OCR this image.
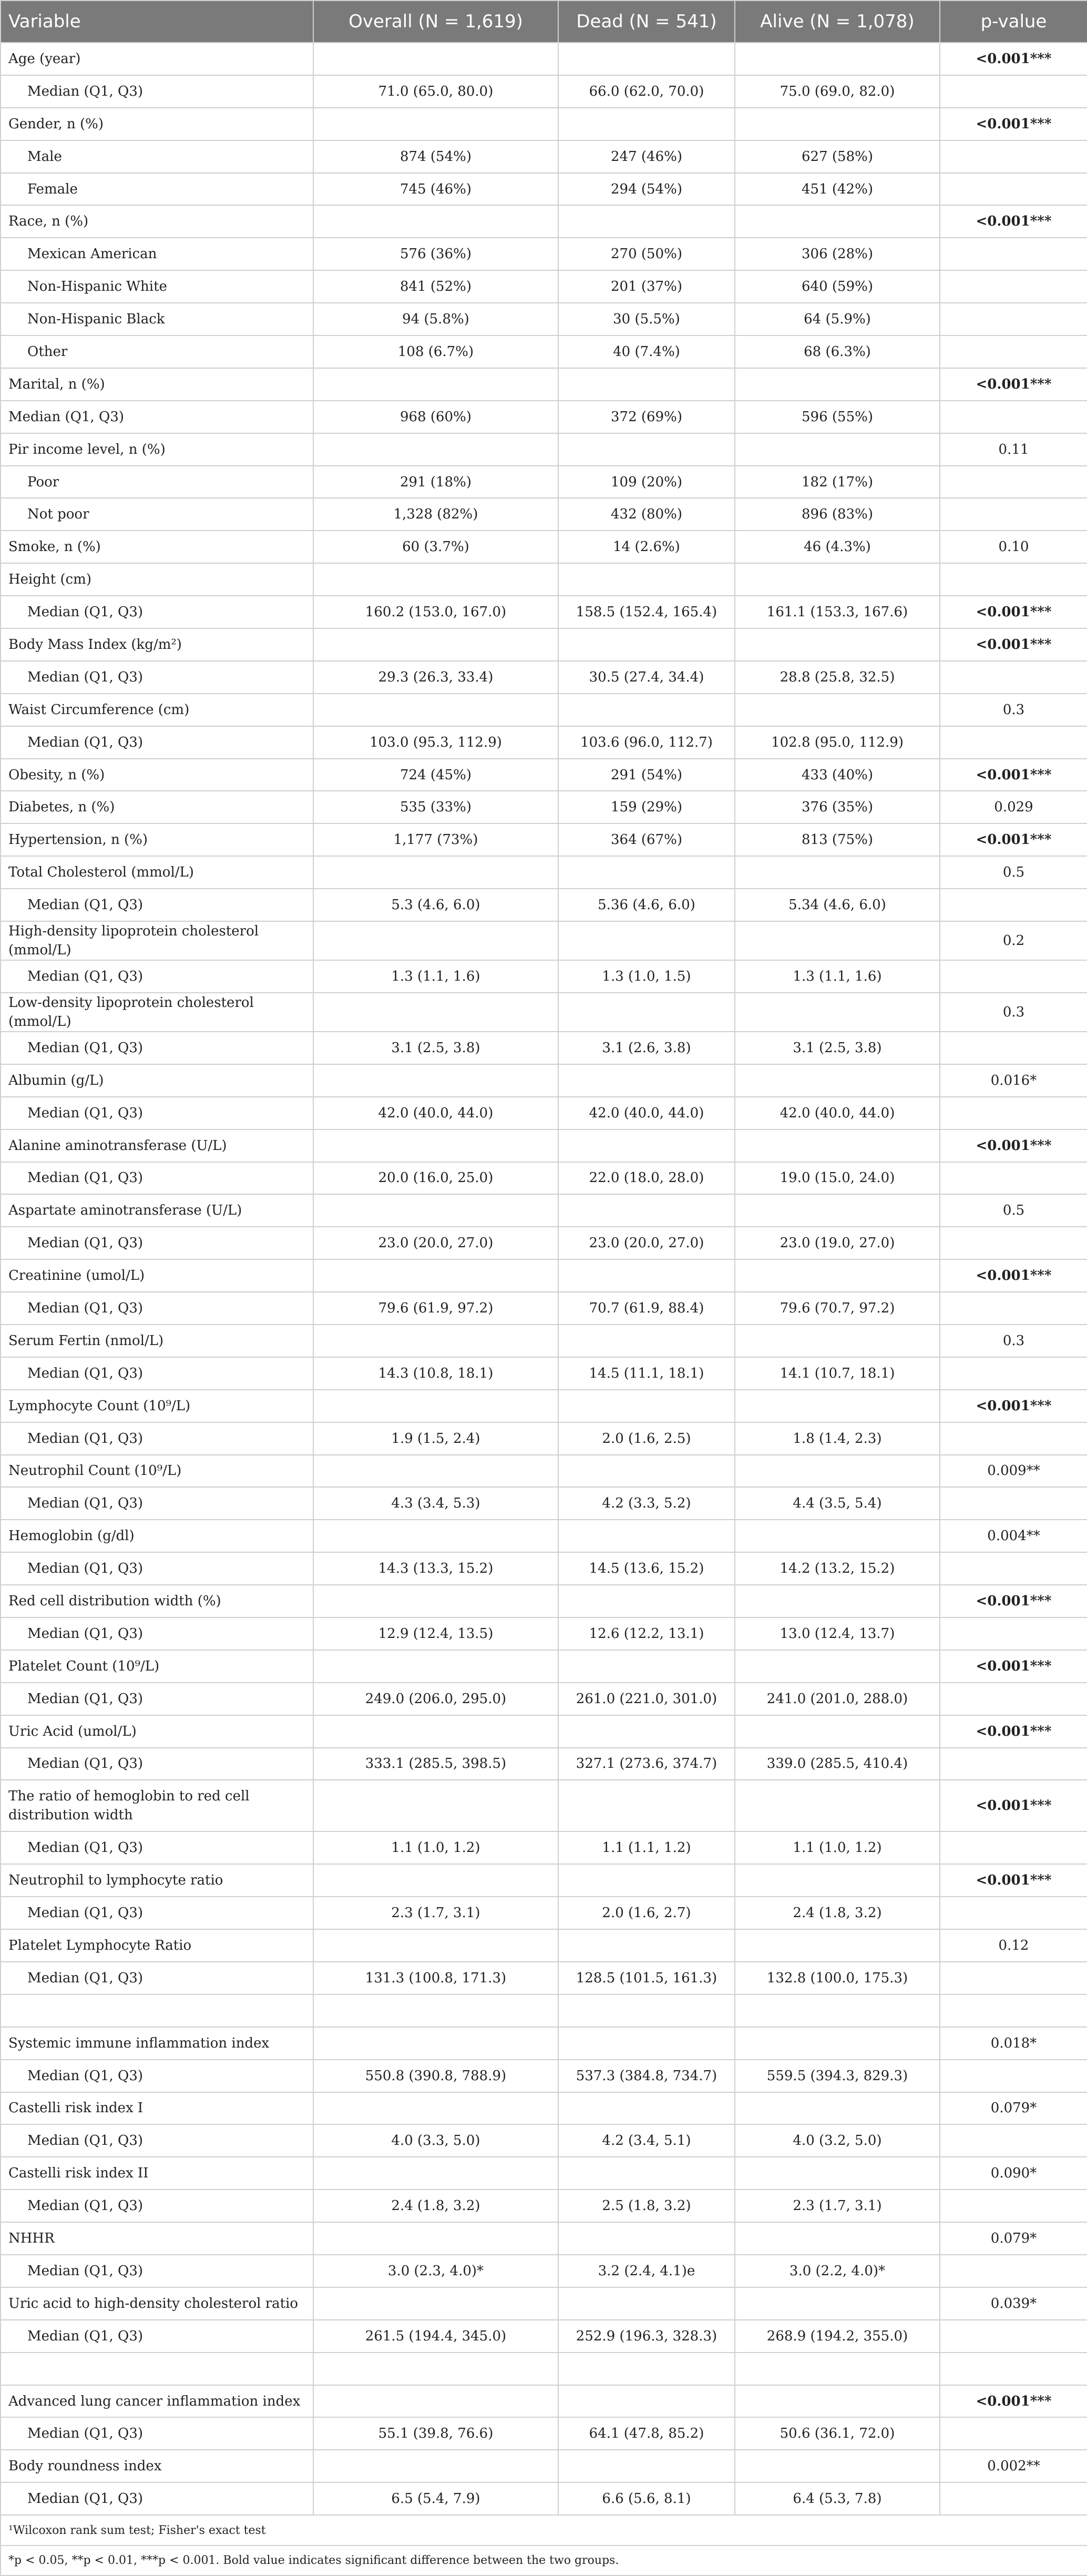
Variable	Overall (N = 1,619)	Dead (N = 541)	Alive (N = 1,078)	p-value
Age (year)				<0.001***
Median (Q1, Q3)	71.0 (65.0, 80.0)	66.0 (62.0, 70.0)	75.0 (69.0, 82.0)	
Gender, n (%)				<0.001***
Male	874 (54%)	247 (46%)	627 (58%)	
Female	745 (46%)	294 (54%)	451 (42%)	
Race, n (%)				<0.001***
Mexican American	576 (36%)	270 (50%)	306 (28%)	
Non-Hispanic White	841 (52%)	201 (37%)	640 (59%)	
Non-Hispanic Black	94 (5.8%)	30 (5.5%)	64 (5.9%)	
Other	108 (6.7%)	40 (7.4%)	68 (6.3%)	
Marital, n (%)				<0.001***
Median (Q1, Q3)	968 (60%)	372 (69%)	596 (55%)	
Pir income level, n (%)				0.11
Poor	291 (18%)	109 (20%)	182 (17%)	
Not poor	1,328 (82%)	432 (80%)	896 (83%)	
Smoke, n (%)	60 (3.7%)	14 (2.6%)	46 (4.3%)	0.10
Height (cm)				
Median (Q1, Q3)	160.2 (153.0, 167.0)	158.5 (152.4, 165.4)	161.1 (153.3, 167.6)	<0.001***
Body Mass Index (kg/m²)				<0.001***
Median (Q1, Q3)	29.3 (26.3, 33.4)	30.5 (27.4, 34.4)	28.8 (25.8, 32.5)	
Waist Circumference (cm)				0.3
Median (Q1, Q3)	103.0 (95.3, 112.9)	103.6 (96.0, 112.7)	102.8 (95.0, 112.9)	
Obesity, n (%)	724 (45%)	291 (54%)	433 (40%)	<0.001***
Diabetes, n (%)	535 (33%)	159 (29%)	376 (35%)	0.029
Hypertension, n (%)	1,177 (73%)	364 (67%)	813 (75%)	<0.001***
Total Cholesterol (mmol/L)				0.5
Median (Q1, Q3)	5.3 (4.6, 6.0)	5.36 (4.6, 6.0)	5.34 (4.6, 6.0)	
High-density lipoprotein cholesterol (mmol/L)				0.2
Median (Q1, Q3)	1.3 (1.1, 1.6)	1.3 (1.0, 1.5)	1.3 (1.1, 1.6)	
Low-density lipoprotein cholesterol (mmol/L)				0.3
Median (Q1, Q3)	3.1 (2.5, 3.8)	3.1 (2.6, 3.8)	3.1 (2.5, 3.8)	
Albumin (g/L)				0.016*
Median (Q1, Q3)	42.0 (40.0, 44.0)	42.0 (40.0, 44.0)	42.0 (40.0, 44.0)	
Alanine aminotransferase (U/L)				<0.001***
Median (Q1, Q3)	20.0 (16.0, 25.0)	22.0 (18.0, 28.0)	19.0 (15.0, 24.0)	
Aspartate aminotransferase (U/L)				0.5
Median (Q1, Q3)	23.0 (20.0, 27.0)	23.0 (20.0, 27.0)	23.0 (19.0, 27.0)	
Creatinine (umol/L)				<0.001***
Median (Q1, Q3)	79.6 (61.9, 97.2)	70.7 (61.9, 88.4)	79.6 (70.7, 97.2)	
Serum Fertin (nmol/L)				0.3
Median (Q1, Q3)	14.3 (10.8, 18.1)	14.5 (11.1, 18.1)	14.1 (10.7, 18.1)	
Lymphocyte Count (10⁹/L)				<0.001***
Median (Q1, Q3)	1.9 (1.5, 2.4)	2.0 (1.6, 2.5)	1.8 (1.4, 2.3)	
Neutrophil Count (10⁹/L)				0.009**
Median (Q1, Q3)	4.3 (3.4, 5.3)	4.2 (3.3, 5.2)	4.4 (3.5, 5.4)	
Hemoglobin (g/dl)				0.004**
Median (Q1, Q3)	14.3 (13.3, 15.2)	14.5 (13.6, 15.2)	14.2 (13.2, 15.2)	
Red cell distribution width (%)				<0.001***
Median (Q1, Q3)	12.9 (12.4, 13.5)	12.6 (12.2, 13.1)	13.0 (12.4, 13.7)	
Platelet Count (10⁹/L)				<0.001***
Median (Q1, Q3)	249.0 (206.0, 295.0)	261.0 (221.0, 301.0)	241.0 (201.0, 288.0)	
Uric Acid (umol/L)				<0.001***
Median (Q1, Q3)	333.1 (285.5, 398.5)	327.1 (273.6, 374.7)	339.0 (285.5, 410.4)	
The ratio of hemoglobin to red cell distribution width				<0.001***
Median (Q1, Q3)	1.1 (1.0, 1.2)	1.1 (1.1, 1.2)	1.1 (1.0, 1.2)	
Neutrophil to lymphocyte ratio				<0.001***
Median (Q1, Q3)	2.3 (1.7, 3.1)	2.0 (1.6, 2.7)	2.4 (1.8, 3.2)	
Platelet Lymphocyte Ratio				0.12
Median (Q1, Q3)	131.3 (100.8, 171.3)	128.5 (101.5, 161.3)	132.8 (100.0, 175.3)	

Systemic immune inflammation index				0.018*
Median (Q1, Q3)	550.8 (390.8, 788.9)	537.3 (384.8, 734.7)	559.5 (394.3, 829.3)	
Castelli risk index I				0.079*
Median (Q1, Q3)	4.0 (3.3, 5.0)	4.2 (3.4, 5.1)	4.0 (3.2, 5.0)	
Castelli risk index II				0.090*
Median (Q1, Q3)	2.4 (1.8, 3.2)	2.5 (1.8, 3.2)	2.3 (1.7, 3.1)	
NHHR				0.079*
Median (Q1, Q3)	3.0 (2.3, 4.0)*	3.2 (2.4, 4.1)e	3.0 (2.2, 4.0)*	
Uric acid to high-density cholesterol ratio				0.039*
Median (Q1, Q3)	261.5 (194.4, 345.0)	252.9 (196.3, 328.3)	268.9 (194.2, 355.0)	

Advanced lung cancer inflammation index				<0.001***
Median (Q1, Q3)	55.1 (39.8, 76.6)	64.1 (47.8, 85.2)	50.6 (36.1, 72.0)	
Body roundness index				0.002**
Median (Q1, Q3)	6.5 (5.4, 7.9)	6.6 (5.6, 8.1)	6.4 (5.3, 7.8)	
¹Wilcoxon rank sum test; Fisher's exact test				
*p < 0.05, **p < 0.01, ***p < 0.001. Bold value indicates significant difference between the two groups.				
